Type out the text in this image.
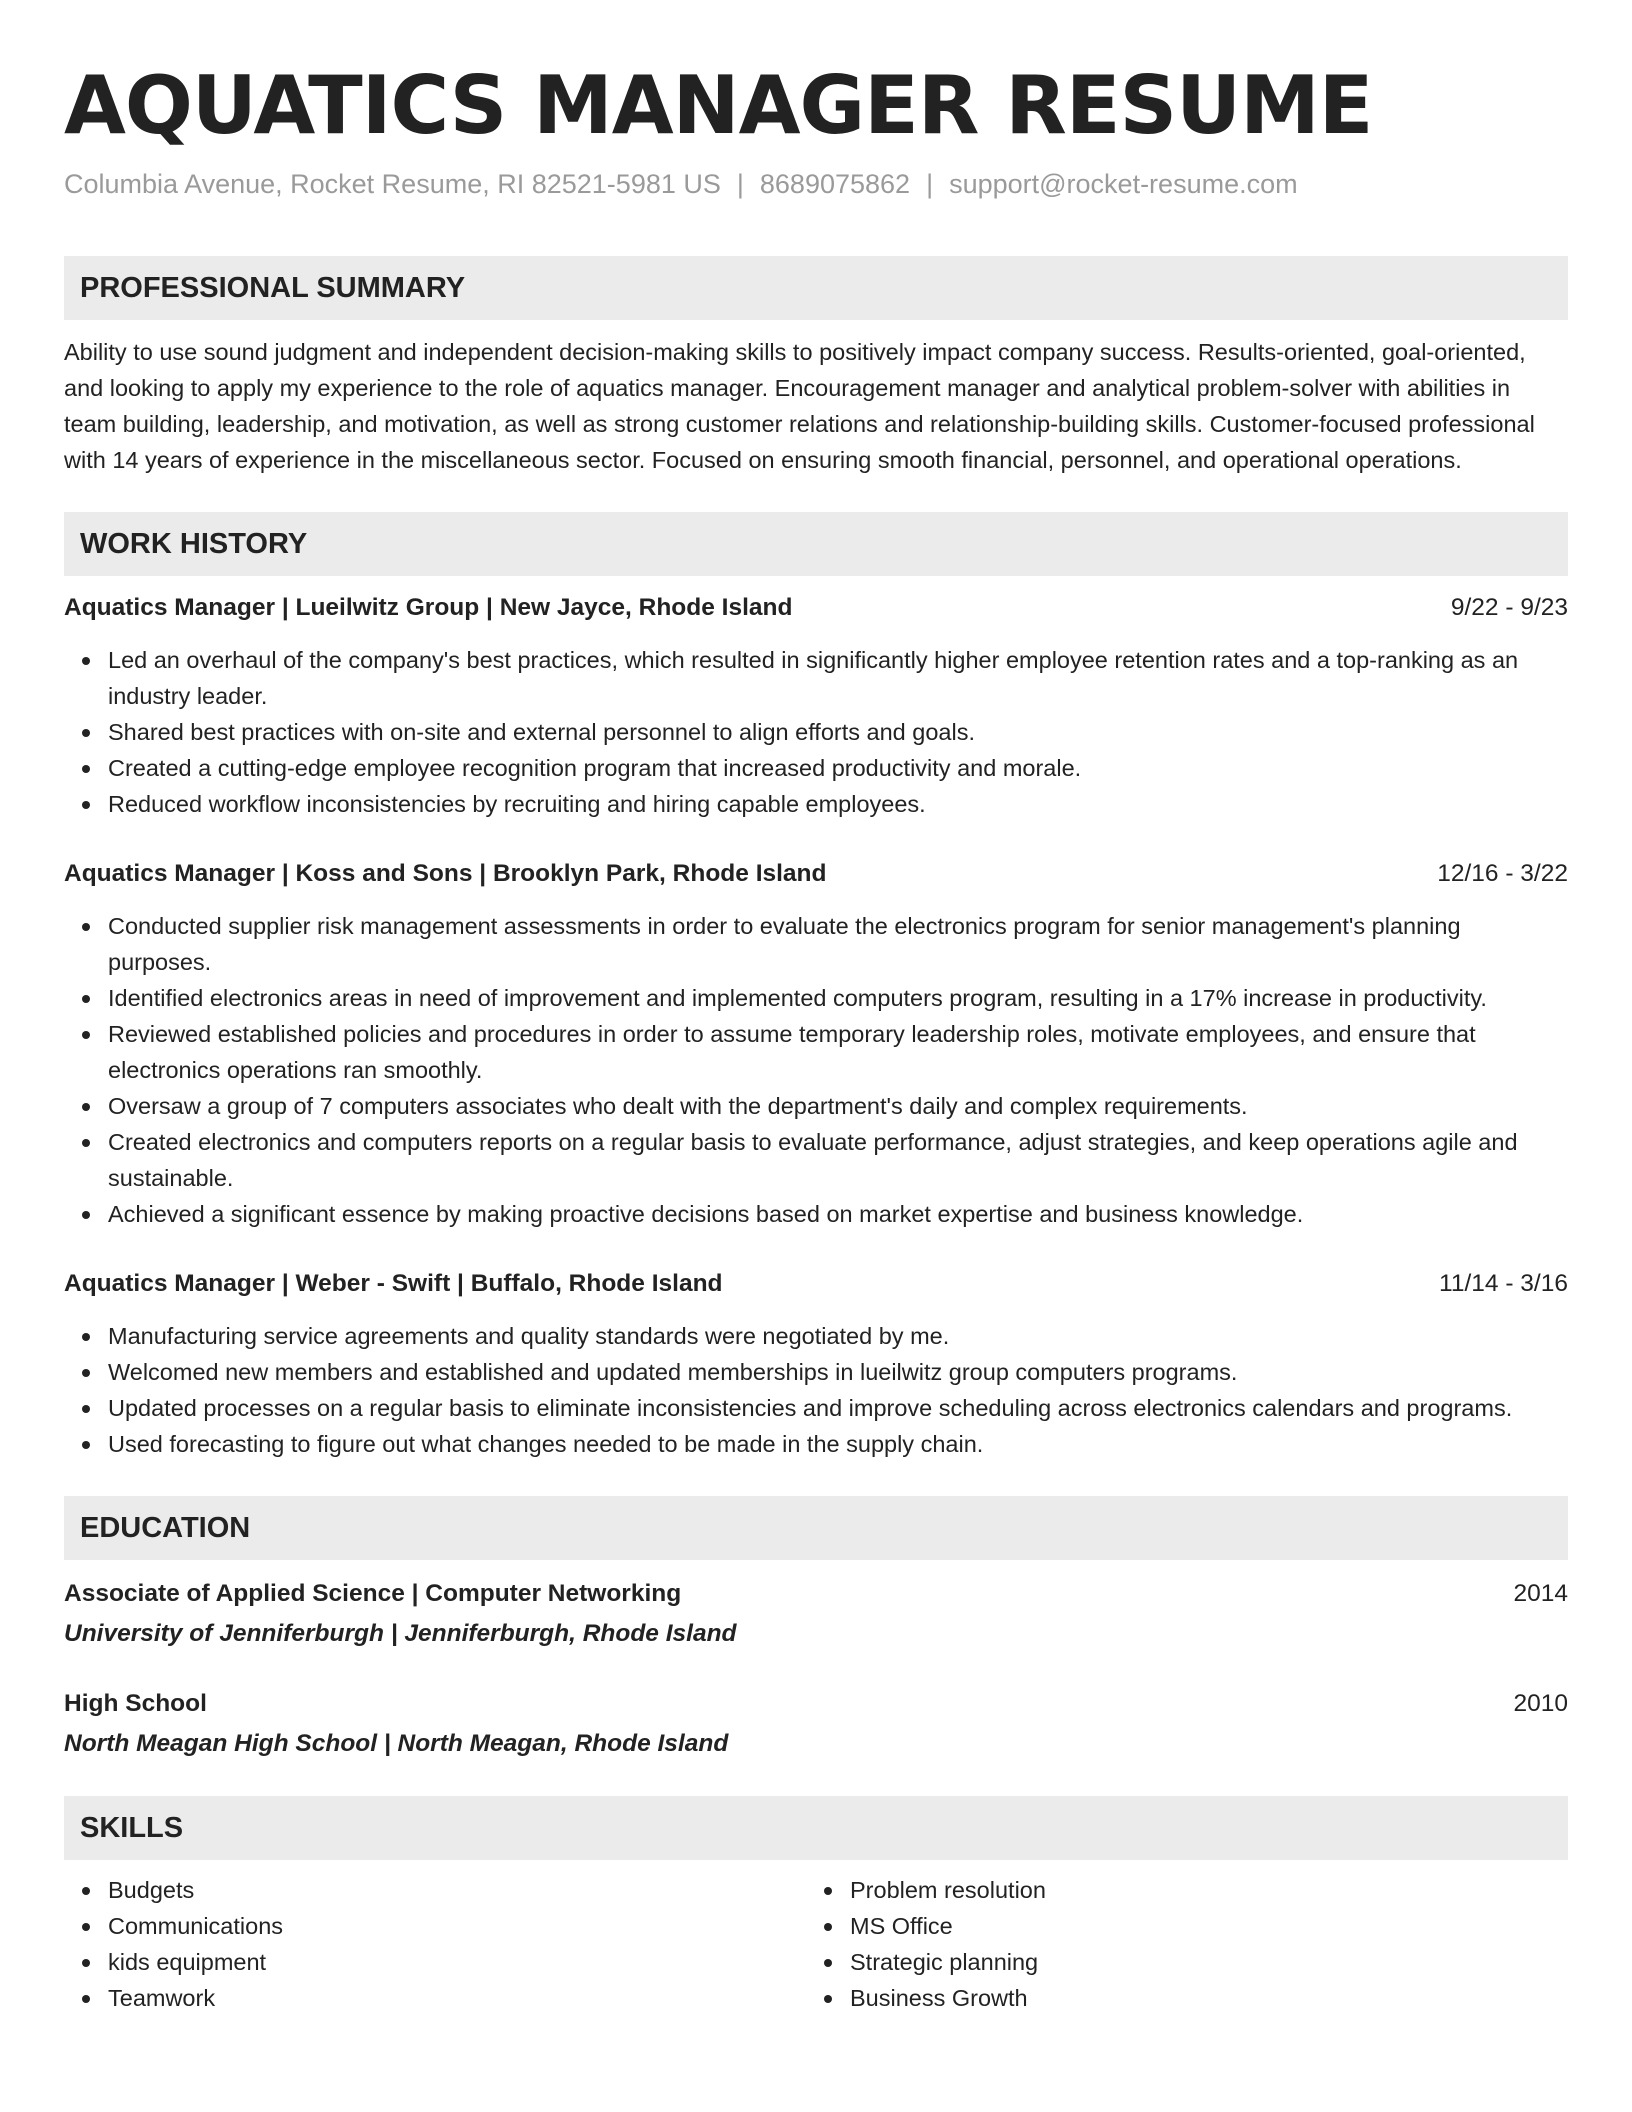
AQUATICS MANAGER RESUME
Columbia Avenue, Rocket Resume, RI 82521-5981 US | 8689075862 | support@rocket-resume.com
PROFESSIONAL SUMMARY

Ability to use sound judgment and independent decision-making skills to positively impact company success. Results-oriented, goal-oriented, and looking to apply my experience to the role of aquatics manager. Encouragement manager and analytical problem-solver with abilities in team building, leadership, and motivation, as well as strong customer relations and relationship-building skills. Customer-focused professional with 14 years of experience in the miscellaneous sector. Focused on ensuring smooth financial, personnel, and operational operations.

WORK HISTORY
Aquatics Manager | Lueilwitz Group | New Jayce, Rhode Island	9/22 - 9/23
Led an overhaul of the company's best practices, which resulted in significantly higher employee retention rates and a top-ranking as an industry leader.
Shared best practices with on-site and external personnel to align efforts and goals.
Created a cutting-edge employee recognition program that increased productivity and morale.
Reduced workflow inconsistencies by recruiting and hiring capable employees.
Aquatics Manager | Koss and Sons | Brooklyn Park, Rhode Island	12/16 - 3/22
Conducted supplier risk management assessments in order to evaluate the electronics program for senior management's planning purposes.
Identified electronics areas in need of improvement and implemented computers program, resulting in a 17% increase in productivity.
Reviewed established policies and procedures in order to assume temporary leadership roles, motivate employees, and ensure that electronics operations ran smoothly.
Oversaw a group of 7 computers associates who dealt with the department's daily and complex requirements.
Created electronics and computers reports on a regular basis to evaluate performance, adjust strategies, and keep operations agile and sustainable.
Achieved a significant essence by making proactive decisions based on market expertise and business knowledge.
Aquatics Manager | Weber - Swift | Buffalo, Rhode Island	11/14 - 3/16
Manufacturing service agreements and quality standards were negotiated by me.
Welcomed new members and established and updated memberships in lueilwitz group computers programs.
Updated processes on a regular basis to eliminate inconsistencies and improve scheduling across electronics calendars and programs.
Used forecasting to figure out what changes needed to be made in the supply chain.
EDUCATION
Associate of Applied Science | Computer Networking	2014
University of Jenniferburgh | Jenniferburgh, Rhode Island
High School	2010
North Meagan High School | North Meagan, Rhode Island
SKILLS
Budgets
Communications
kids equipment
Teamwork
Problem resolution
MS Office
Strategic planning
Business Growth
